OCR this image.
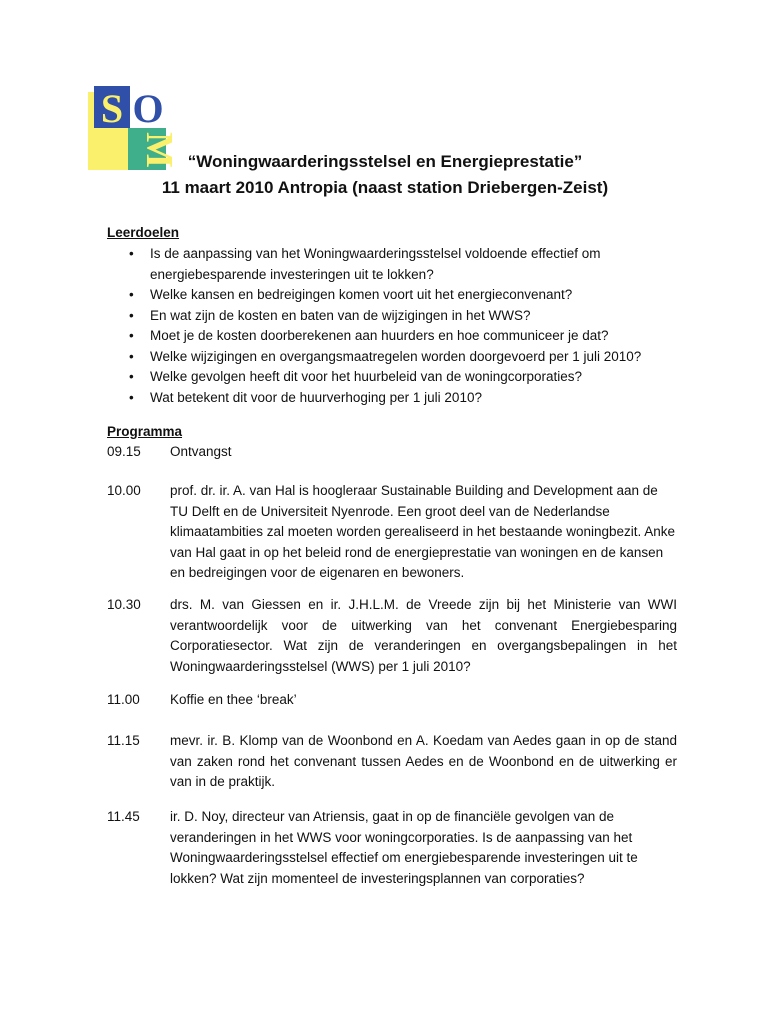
S O
M “Woningwaarderingsstelsel en Energieprestatie”
11 maart 2010 Antropia (naast station Driebergen-Zeist)
Leerdoelen
• Is de aanpassing van het Woningwaarderingsstelsel voldoende effectief om energiebesparende investeringen uit te lokken?
• Welke kansen en bedreigingen komen voort uit het energieconvenant?
• En wat zijn de kosten en baten van de wijzigingen in het WWS?
• Moet je de kosten doorberekenen aan huurders en hoe communiceer je dat?
• Welke wijzigingen en overgangsmaatregelen worden doorgevoerd per 1 juli 2010?
• Welke gevolgen heeft dit voor het huurbeleid van de woningcorporaties?
• Wat betekent dit voor de huurverhoging per 1 juli 2010?
Programma
09.15	Ontvangst
10.00	prof. dr. ir. A. van Hal is hoogleraar Sustainable Building and Development aan de TU Delft en de Universiteit Nyenrode. Een groot deel van de Nederlandse klimaatambities zal moeten worden gerealiseerd in het bestaande woningbezit. Anke van Hal gaat in op het beleid rond de energieprestatie van woningen en de kansen en bedreigingen voor de eigenaren en bewoners.
10.30	drs. M. van Giessen en ir. J.H.L.M. de Vreede zijn bij het Ministerie van WWI verantwoordelijk voor de uitwerking van het convenant Energiebesparing Corporatiesector. Wat zijn de veranderingen en overgangsbepalingen in het Woningwaarderingsstelsel (WWS) per 1 juli 2010?
11.00	Koffie en thee ‘break’
11.15	mevr. ir. B. Klomp van de Woonbond en A. Koedam van Aedes gaan in op de stand van zaken rond het convenant tussen Aedes en de Woonbond en de uitwerking er van in de praktijk.
11.45	ir. D. Noy, directeur van Atriensis, gaat in op de financiële gevolgen van de veranderingen in het WWS voor woningcorporaties. Is de aanpassing van het Woningwaarderingsstelsel effectief om energiebesparende investeringen uit te lokken? Wat zijn momenteel de investeringsplannen van corporaties?
